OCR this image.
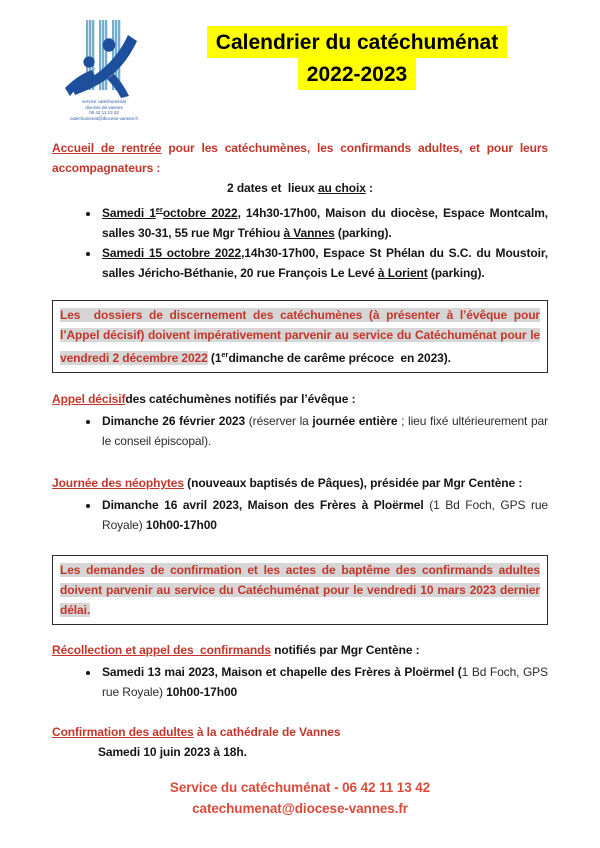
service catéchuménat
diocèse de vannes
06 42 11 13 42
catechumenat@diocese-vannes.fr
Calendrier du catéchuménat
2022-2023

Accueil de rentrée pour les catéchumènes, les confirmands adultes, et pour leurs accompagnateurs :

2 dates et  lieux au choix :

• Samedi 1eroctobre 2022, 14h30-17h00, Maison du diocèse, Espace Montcalm, salles 30-31, 55 rue Mgr Tréhiou à Vannes (parking).
• Samedi 15 octobre 2022,14h30-17h00, Espace St Phélan du S.C. du Moustoir, salles Jéricho-Béthanie, 20 rue François Le Levé à Lorient (parking).

Les  dossiers de discernement des catéchumènes (à présenter à l’évêque pour l’Appel décisif) doivent impérativement parvenir au service du Catéchuménat pour le vendredi 2 décembre 2022 (1erdimanche de carême précoce  en 2023).

Appel décisifdes catéchumènes notifiés par l’évêque :

• Dimanche 26 février 2023 (réserver la journée entière ; lieu fixé ultérieurement par le conseil épiscopal).

Journée des néophytes (nouveaux baptisés de Pâques), présidée par Mgr Centène :

• Dimanche 16 avril 2023, Maison des Frères à Ploërmel (1 Bd Foch, GPS rue Royale) 10h00-17h00

Les demandes de confirmation et les actes de baptême des confirmands adultes doivent parvenir au service du Catéchuménat pour le vendredi 10 mars 2023 dernier délai.

Récollection et appel des  confirmands notifiés par Mgr Centène :

• Samedi 13 mai 2023, Maison et chapelle des Frères à Ploërmel (1 Bd Foch, GPS rue Royale) 10h00-17h00

Confirmation des adultes à la cathédrale de Vannes

Samedi 10 juin 2023 à 18h.

Service du catéchuménat - 06 42 11 13 42

catechumenat@diocese-vannes.fr
